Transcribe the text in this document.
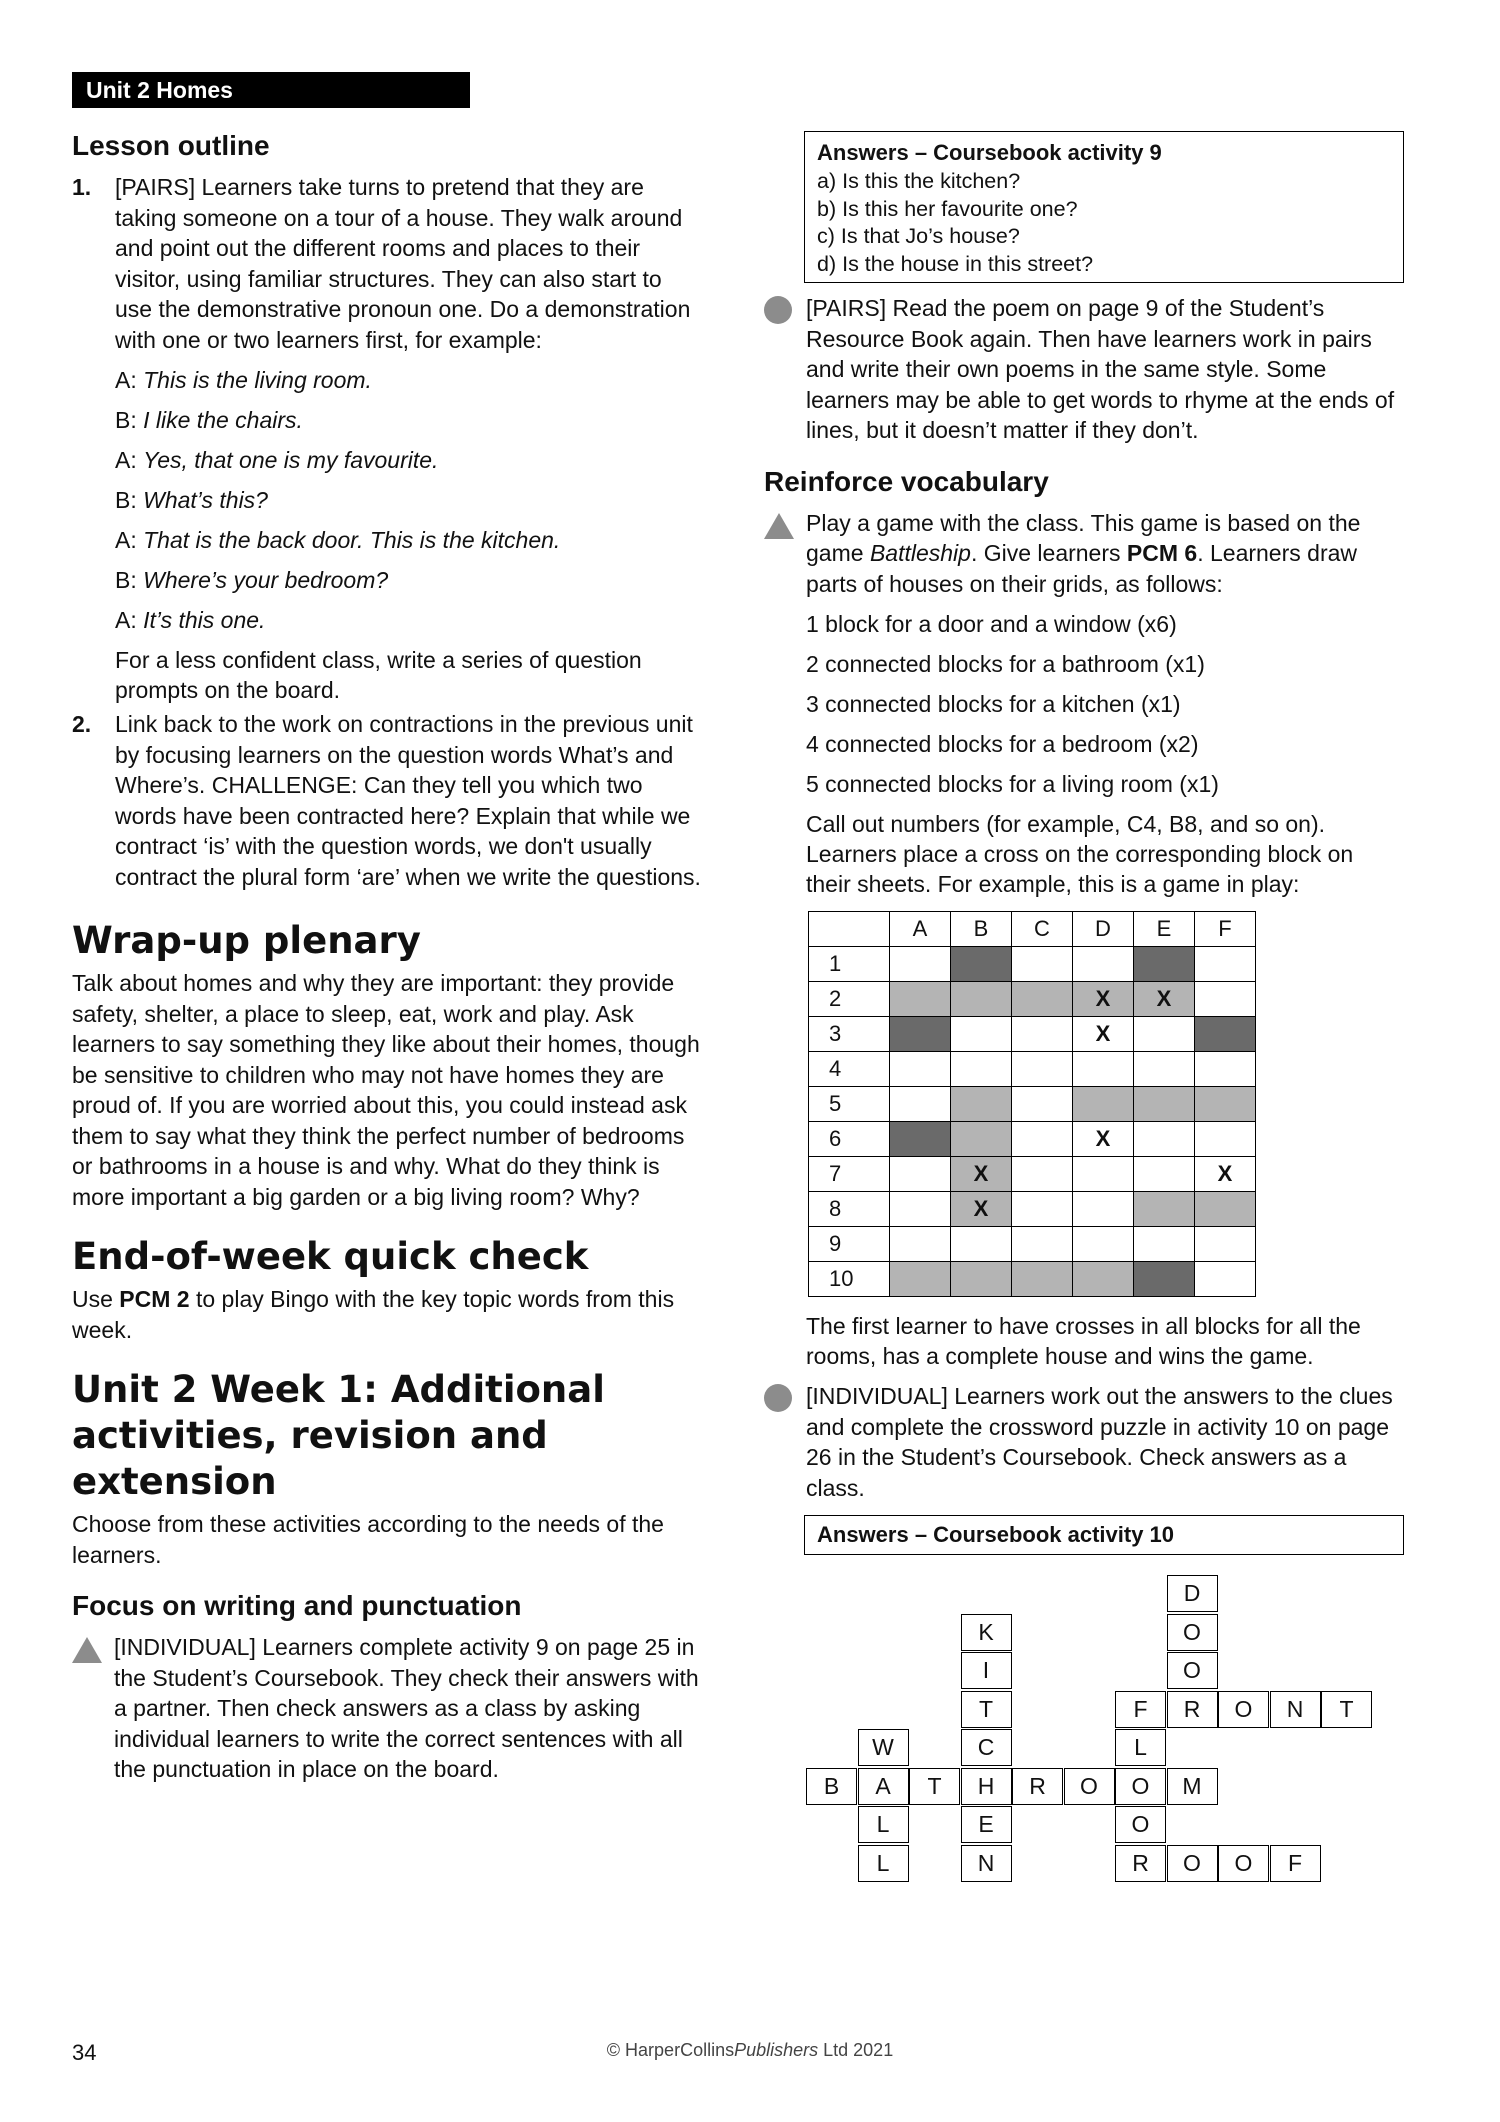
Unit 2 Homes
Lesson outline
1. [PAIRS] Learners take turns to pretend that they are taking someone on a tour of a house. They walk around and point out the different rooms and places to their visitor, using familiar structures. They can also start to use the demonstrative pronoun one. Do a demonstration with one or two learners first, for example:
A: This is the living room.
B: I like the chairs.
A: Yes, that one is my favourite.
B: What’s this?
A: That is the back door. This is the kitchen.
B: Where’s your bedroom?
A: It’s this one.
For a less confident class, write a series of question prompts on the board.
2. Link back to the work on contractions in the previous unit by focusing learners on the question words What’s and Where’s. CHALLENGE: Can they tell you which two words have been contracted here? Explain that while we contract ‘is’ with the question words, we don't usually contract the plural form ‘are’ when we write the questions.
Wrap-up plenary

Talk about homes and why they are important: they provide safety, shelter, a place to sleep, eat, work and play. Ask learners to say something they like about their homes, though be sensitive to children who may not have homes they are proud of. If you are worried about this, you could instead ask them to say what they think the perfect number of bedrooms or bathrooms in a house is and why. What do they think is more important a big garden or a big living room? Why?

End-of-week quick check

Use PCM 2 to play Bingo with the key topic words from this week.

Unit 2 Week 1: Additional activities, revision and extension

Choose from these activities according to the needs of the learners.

Focus on writing and punctuation
[INDIVIDUAL] Learners complete activity 9 on page 25 in the Student’s Coursebook. They check their answers with a partner. Then check answers as a class by asking individual learners to write the correct sentences with all the punctuation in place on the board.
Answers – Coursebook activity 9
a) Is this the kitchen?
b) Is this her favourite one?
c) Is that Jo’s house?
d) Is the house in this street?
[PAIRS] Read the poem on page 9 of the Student’s Resource Book again. Then have learners work in pairs and write their own poems in the same style. Some learners may be able to get words to rhyme at the ends of lines, but it doesn’t matter if they don’t.
Reinforce vocabulary
Play a game with the class. This game is based on the game Battleship. Give learners PCM 6. Learners draw parts of houses on their grids, as follows:
1 block for a door and a window (x6)
2 connected blocks for a bathroom (x1)
3 connected blocks for a kitchen (x1)
4 connected blocks for a bedroom (x2)
5 connected blocks for a living room (x1)
Call out numbers (for example, C4, B8, and so on). Learners place a cross on the corresponding block on their sheets. For example, this is a game in play:
	A	B	C	D	E	F
1						
2				X	X	
3				X		
4						
5						
6				X		
7		X				X
8		X				
9						
10						
The first learner to have crosses in all blocks for all the rooms, has a complete house and wins the game.
[INDIVIDUAL] Learners work out the answers to the clues and complete the crossword puzzle in activity 10 on page 26 in the Student’s Coursebook. Check answers as a class.
Answers – Coursebook activity 10
D
O
O
R
K
I
T
C
H
E
N
F	O	N	T
L
O
O
R
W
A
L
L
B	T	R	O	M
O	O	F
34	© HarperCollinsPublishers Ltd 2021
